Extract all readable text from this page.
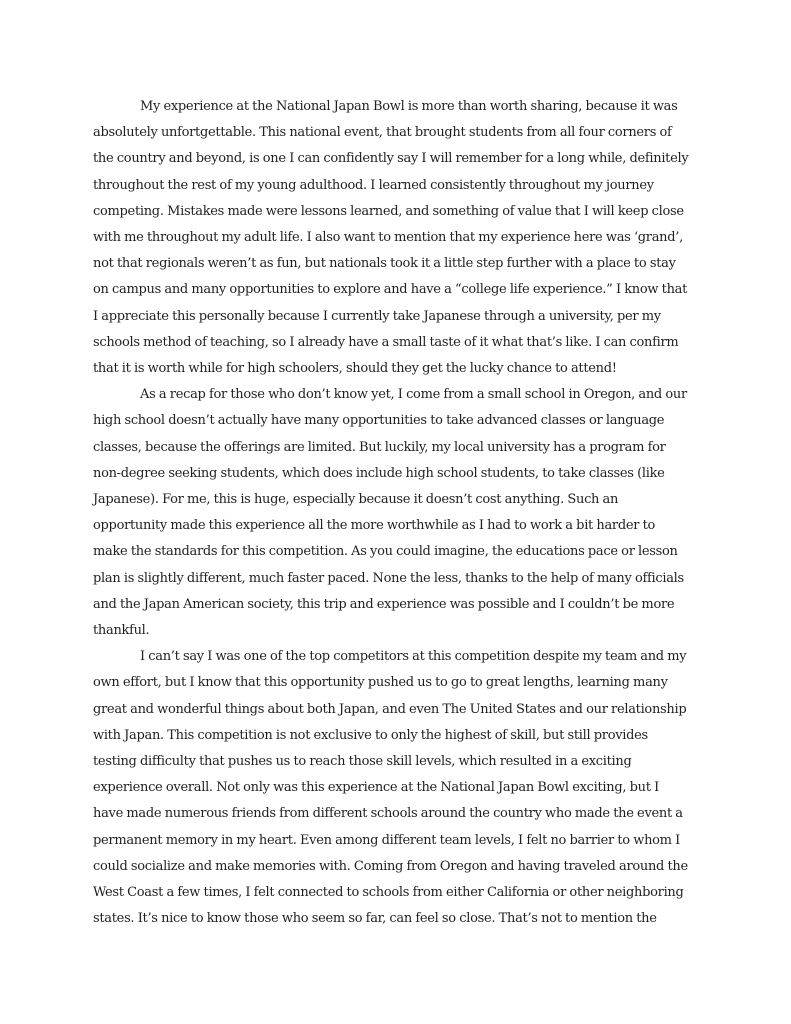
My experience at the National Japan Bowl is more than worth sharing, because it was absolutely unfortgettable. This national event, that brought students from all four corners of the country and beyond, is one I can confidently say I will remember for a long while, definitely throughout the rest of my young adulthood. I learned consistently throughout my journey competing. Mistakes made were lessons learned, and something of value that I will keep close with me throughout my adult life. I also want to mention that my experience here was ‘grand’, not that regionals weren’t as fun, but nationals took it a little step further with a place to stay on campus and many opportunities to explore and have a “college life experience.” I know that I appreciate this personally because I currently take Japanese through a university, per my schools method of teaching, so I already have a small taste of it what that’s like. I can confirm that it is worth while for high schoolers, should they get the lucky chance to attend!

As a recap for those who don’t know yet, I come from a small school in Oregon, and our high school doesn’t actually have many opportunities to take advanced classes or language classes, because the offerings are limited. But luckily, my local university has a program for non-degree seeking students, which does include high school students, to take classes (like Japanese). For me, this is huge, especially because it doesn’t cost anything. Such an opportunity made this experience all the more worthwhile as I had to work a bit harder to make the standards for this competition. As you could imagine, the educations pace or lesson plan is slightly different, much faster paced. None the less, thanks to the help of many officials and the Japan American society, this trip and experience was possible and I couldn’t be more thankful.

I can’t say I was one of the top competitors at this competition despite my team and my own effort, but I know that this opportunity pushed us to go to great lengths, learning many great and wonderful things about both Japan, and even The United States and our relationship with Japan. This competition is not exclusive to only the highest of skill, but still provides testing difficulty that pushes us to reach those skill levels, which resulted in a exciting experience overall. Not only was this experience at the National Japan Bowl exciting, but I have made numerous friends from different schools around the country who made the event a permanent memory in my heart. Even among different team levels, I felt no barrier to whom I could socialize and make memories with. Coming from Oregon and having traveled around the West Coast a few times, I felt connected to schools from either California or other neighboring states. It’s nice to know those who seem so far, can feel so close. That’s not to mention the
